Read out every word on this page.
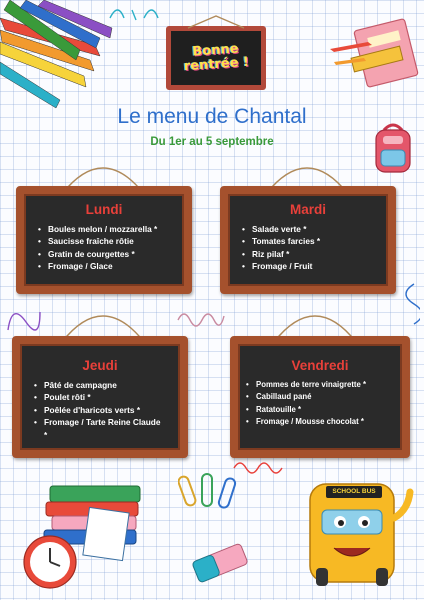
Bonne rentrée !
Le menu de Chantal
Du 1er au 5 septembre
Lundi
• Boules melon / mozzarella *
• Saucisse fraîche rôtie
• Gratin de courgettes *
• Fromage / Glace
Mardi
• Salade verte *
• Tomates farcies *
• Riz pilaf *
• Fromage / Fruit
Jeudi
• Pâté de campagne
• Poulet rôti *
• Poêlée d'haricots verts *
• Fromage / Tarte Reine Claude *
Vendredi
• Pommes de terre vinaigrette *
• Cabillaud pané
• Ratatouille *
• Fromage / Mousse chocolat *
SCHOOL BUS
